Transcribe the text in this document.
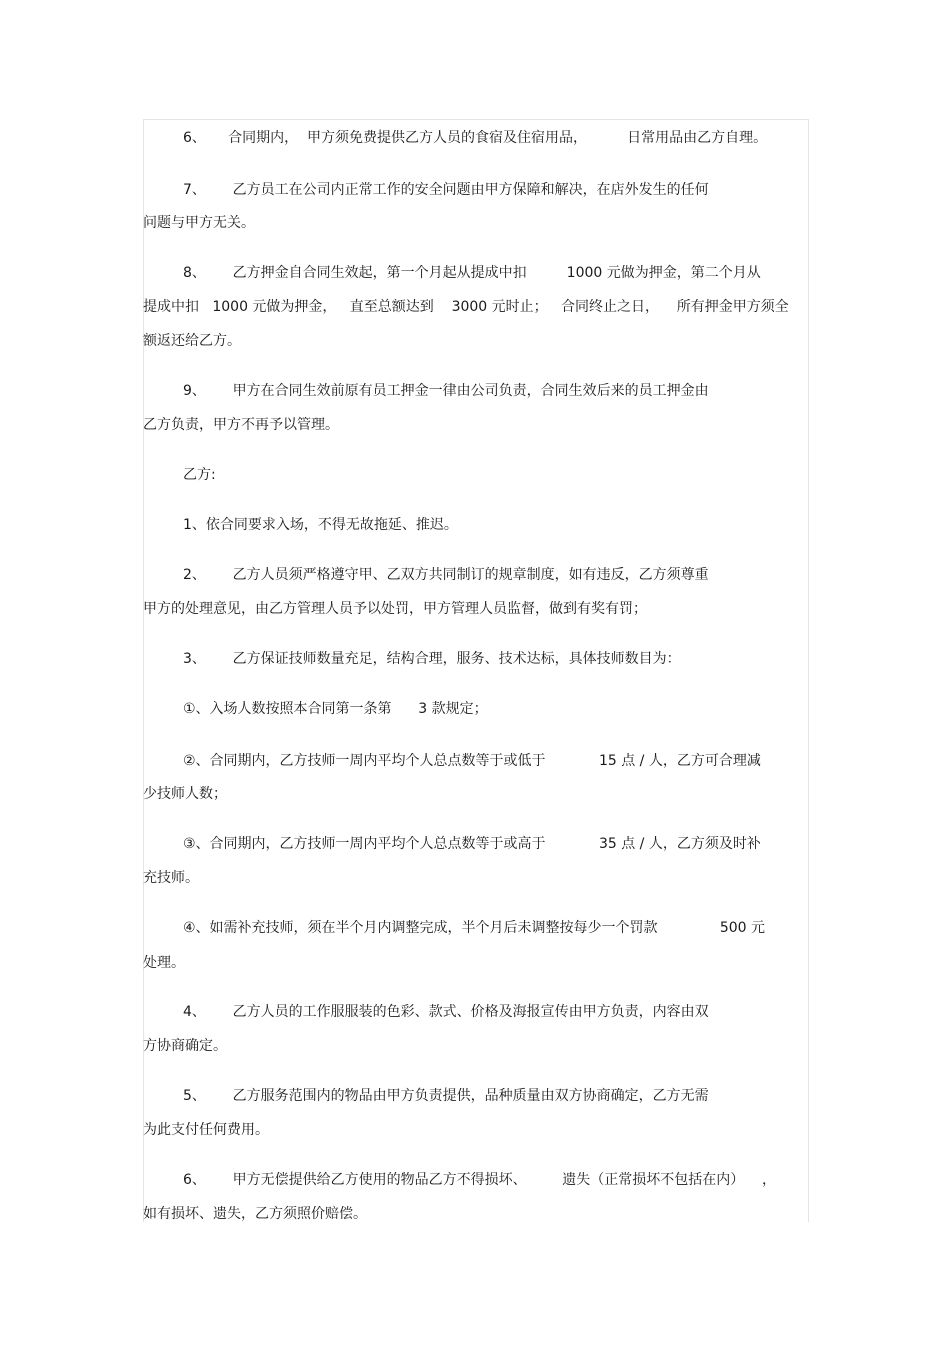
6、     合同期内，  甲方须免费提供乙方人员的食宿及住宿用品，         日常用品由乙方自理。

7、      乙方员工在公司内正常工作的安全问题由甲方保障和解决，在店外发生的任何

问题与甲方无关。

8、      乙方押金自合同生效起，第一个月起从提成中扣         1000 元做为押金，第二个月从

提成中扣   1000 元做为押金，   直至总额达到    3000 元时止；   合同终止之日，    所有押金甲方须全

额返还给乙方。

9、      甲方在合同生效前原有员工押金一律由公司负责，合同生效后来的员工押金由

乙方负责，甲方不再予以管理。

乙方:

1、依合同要求入场，不得无故拖延、推迟。

2、      乙方人员须严格遵守甲、乙双方共同制订的规章制度，如有违反，乙方须尊重

甲方的处理意见，由乙方管理人员予以处罚，甲方管理人员监督，做到有奖有罚；

3、      乙方保证技师数量充足，结构合理，服务、技术达标，具体技师数目为：

①、入场人数按照本合同第一条第      3 款规定；

②、合同期内，乙方技师一周内平均个人总点数等于或低于            15 点 / 人，乙方可合理减

少技师人数；

③、合同期内，乙方技师一周内平均个人总点数等于或高于            35 点 / 人，乙方须及时补

充技师。

④、如需补充技师，须在半个月内调整完成，半个月后未调整按每少一个罚款              500 元

处理。

4、      乙方人员的工作服服装的色彩、款式、价格及海报宣传由甲方负责，内容由双

方协商确定。

5、      乙方服务范围内的物品由甲方负责提供，品种质量由双方协商确定，乙方无需

为此支付任何费用。

6、      甲方无偿提供给乙方使用的物品乙方不得损坏、        遗失（正常损坏不包括在内）    ，

如有损坏、遗失，乙方须照价赔偿。
